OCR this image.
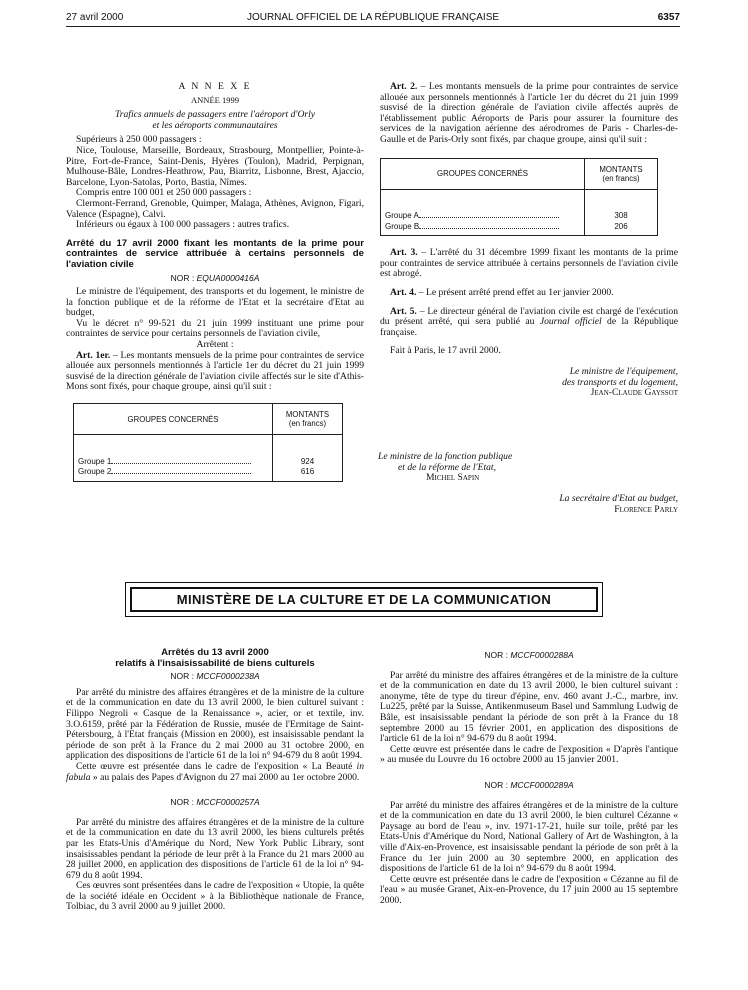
27 avril 2000	JOURNAL OFFICIEL DE LA RÉPUBLIQUE FRANÇAISE	6357

A N N E X E

ANNÉE 1999

Trafics annuels de passagers entre l'aéroport d'Orly

et les aéroports communautaires

Supérieurs à 250 000 passagers :

Nice, Toulouse, Marseille, Bordeaux, Strasbourg, Montpellier, Pointe-à-Pitre, Fort-de-France, Saint-Denis, Hyères (Toulon), Madrid, Perpignan, Mulhouse-Bâle, Londres-Heathrow, Pau, Biarritz, Lisbonne, Brest, Ajaccio, Barcelone, Lyon-Satolas, Porto, Bastia, Nîmes.

Compris entre 100 001 et 250 000 passagers :

Clermont-Ferrand, Grenoble, Quimper, Malaga, Athènes, Avignon, Figari, Valence (Espagne), Calvi.

Inférieurs ou égaux à 100 000 passagers : autres trafics.

Arrêté du 17 avril 2000 fixant les montants de la prime pour contraintes de service attribuée à certains personnels de l'aviation civile

NOR : EQUA0000416A

Le ministre de l'équipement, des transports et du logement, le ministre de la fonction publique et de la réforme de l'Etat et la secrétaire d'Etat au budget,

Vu le décret n° 99-521 du 21 juin 1999 instituant une prime pour contraintes de service pour certains personnels de l'aviation civile,

Arrêtent :

Art. 1er. – Les montants mensuels de la prime pour contraintes de service allouée aux personnels mentionnés à l'article 1er du décret du 21 juin 1999 susvisé de la direction générale de l'aviation civile affectés sur le site d'Athis-Mons sont fixés, pour chaque groupe, ainsi qu'il suit :

GROUPES CONCERNÉS	MONTANTS
(en francs)

Groupe 1	924
Groupe 2	616

Art. 2. – Les montants mensuels de la prime pour contraintes de service allouée aux personnels mentionnés à l'article 1er du décret du 21 juin 1999 susvisé de la direction générale de l'aviation civile affectés auprès de l'établissement public Aéroports de Paris pour assurer la fourniture des services de la navigation aérienne des aérodromes de Paris - Charles-de-Gaulle et de Paris-Orly sont fixés, par chaque groupe, ainsi qu'il suit :

GROUPES CONCERNÉS	MONTANTS
(en francs)

Groupe A	308
Groupe B	206

Art. 3. – L'arrêté du 31 décembre 1999 fixant les montants de la prime pour contraintes de service attribuée à certains personnels de l'aviation civile est abrogé.

Art. 4. – Le présent arrêté prend effet au 1er janvier 2000.

Art. 5. – Le directeur général de l'aviation civile est chargé de l'exécution du présent arrêté, qui sera publié au Journal officiel de la République française.

Fait à Paris, le 17 avril 2000.

Le ministre de l'équipement,

des transports et du logement,

Jean-Claude Gayssot

Le ministre de la fonction publique

et de la réforme de l'Etat,

Michel Sapin

La secrétaire d'Etat au budget,

Florence Parly

MINISTÈRE DE LA CULTURE ET DE LA COMMUNICATION

Arrêtés du 13 avril 2000

relatifs à l'insaisissabilité de biens culturels

NOR : MCCF0000238A

Par arrêté du ministre des affaires étrangères et de la ministre de la culture et de la communication en date du 13 avril 2000, le bien culturel suivant : Filippo Negroli « Casque de la Renaissance », acier, or et textile, inv. 3.O.6159, prêté par la Fédération de Russie, musée de l'Ermitage de Saint-Pétersbourg, à l'Etat français (Mission en 2000), est insaisissable pendant la période de son prêt à la France du 2 mai 2000 au 31 octobre 2000, en application des dispositions de l'article 61 de la loi n° 94-679 du 8 août 1994.

Cette œuvre est présentée dans le cadre de l'exposition « La Beauté in fabula » au palais des Papes d'Avignon du 27 mai 2000 au 1er octobre 2000.

NOR : MCCF0000257A

Par arrêté du ministre des affaires étrangères et de la ministre de la culture et de la communication en date du 13 avril 2000, les biens culturels prêtés par les Etats-Unis d'Amérique du Nord, New York Public Library, sont insaisissables pendant la période de leur prêt à la France du 21 mars 2000 au 28 juillet 2000, en application des dispositions de l'article 61 de la loi n° 94-679 du 8 août 1994.

Ces œuvres sont présentées dans le cadre de l'exposition « Utopie, la quête de la société idéale en Occident » à la Bibliothèque nationale de France, Tolbiac, du 3 avril 2000 au 9 juillet 2000.

NOR : MCCF0000288A

Par arrêté du ministre des affaires étrangères et de la ministre de la culture et de la communication en date du 13 avril 2000, le bien culturel suivant : anonyme, tête de type du tireur d'épine, env. 460 avant J.-C., marbre, inv. Lu225, prêté par la Suisse, Antikenmuseum Basel und Sammlung Ludwig de Bâle, est insaisissable pendant la période de son prêt à la France du 18 septembre 2000 au 15 février 2001, en application des dispositions de l'article 61 de la loi n° 94-679 du 8 août 1994.

Cette œuvre est présentée dans le cadre de l'exposition « D'après l'antique » au musée du Louvre du 16 octobre 2000 au 15 janvier 2001.

NOR : MCCF0000289A

Par arrêté du ministre des affaires étrangères et de la ministre de la culture et de la communication en date du 13 avril 2000, le bien culturel Cézanne « Paysage au bord de l'eau », inv. 1971-17-21, huile sur toile, prêté par les Etats-Unis d'Amérique du Nord, National Gallery of Art de Washington, à la ville d'Aix-en-Provence, est insaisissable pendant la période de son prêt à la France du 1er juin 2000 au 30 septembre 2000, en application des dispositions de l'article 61 de la loi n° 94-679 du 8 août 1994.

Cette œuvre est présentée dans le cadre de l'exposition « Cézanne au fil de l'eau » au musée Granet, Aix-en-Provence, du 17 juin 2000 au 15 septembre 2000.
